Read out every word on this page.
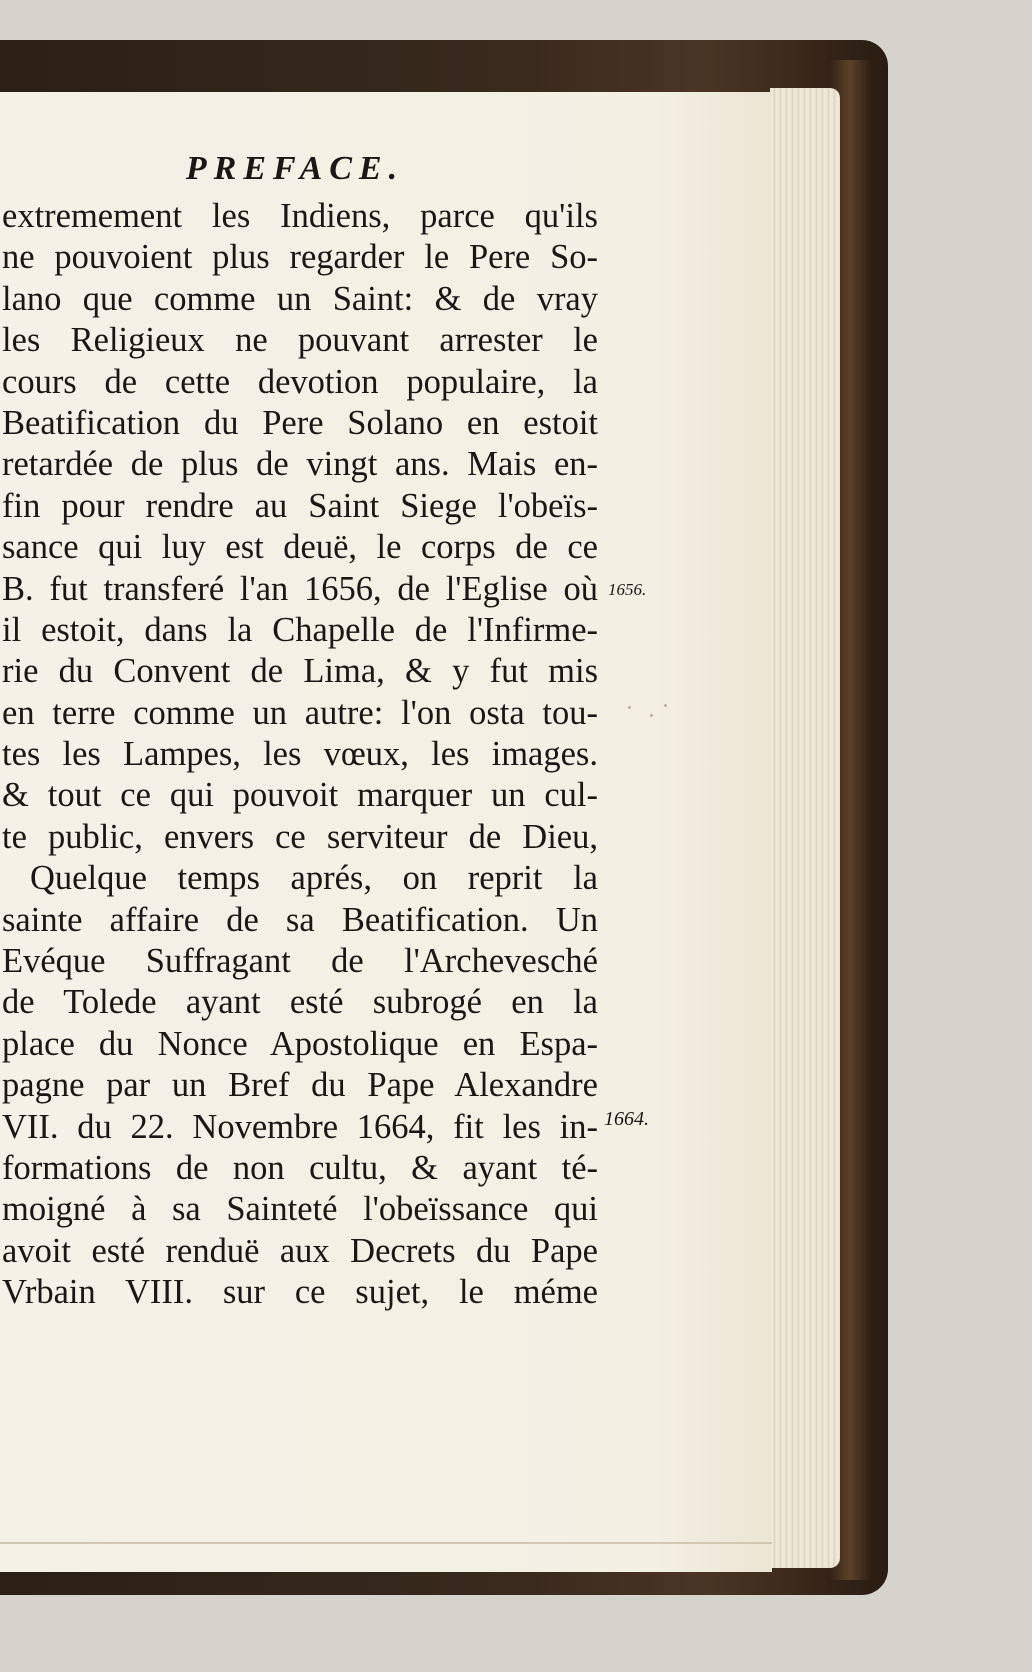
PREFACE.
extremement les Indiens, parce qu'ils
ne pouvoient plus regarder le Pere So-
lano que comme un Saint: & de vray
les Religieux ne pouvant arrester le
cours de cette devotion populaire, la
Beatification du Pere Solano en estoit
retardée de plus de vingt ans. Mais en-
fin pour rendre au Saint Siege l'obeïs-
sance qui luy est deuë, le corps de ce
B. fut transferé l'an 1656, de l'Eglise où
il estoit, dans la Chapelle de l'Infirme-
rie du Convent de Lima, & y fut mis
en terre comme un autre: l'on osta tou-
tes les Lampes, les vœux, les images.
& tout ce qui pouvoit marquer un cul-
te public, envers ce serviteur de Dieu,
Quelque temps aprés, on reprit la
sainte affaire de sa Beatification. Un
Evéque Suffragant de l'Archevesché
de Tolede ayant esté subrogé en la
place du Nonce Apostolique en Espa-
pagne par un Bref du Pape Alexandre
VII. du 22. Novembre 1664, fit les in-
formations de non cultu, & ayant té-
moigné à sa Sainteté l'obeïssance qui
avoit esté renduë aux Decrets du Pape
Vrbain VIII. sur ce sujet, le méme
1656.
1664.
